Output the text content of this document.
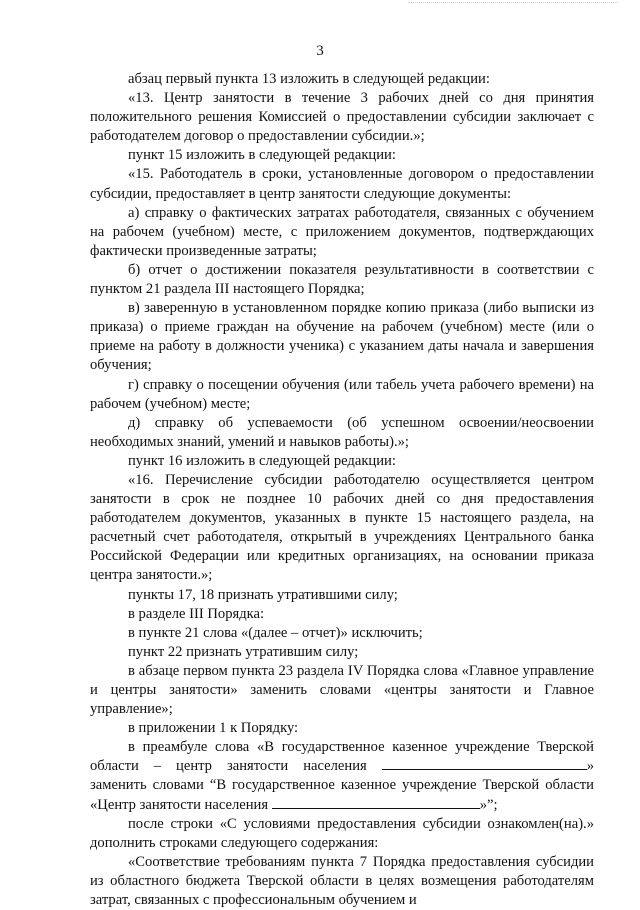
3

абзац первый пункта 13 изложить в следующей редакции:

«13. Центр занятости в течение 3 рабочих дней со дня принятия положительного решения Комиссией о предоставлении субсидии заключает с работодателем договор о предоставлении субсидии.»;

пункт 15 изложить в следующей редакции:

«15. Работодатель в сроки, установленные договором о предоставлении субсидии, предоставляет в центр занятости следующие документы:

а) справку о фактических затратах работодателя, связанных с обучением на рабочем (учебном) месте, с приложением документов, подтверждающих фактически произведенные затраты;

б) отчет о достижении показателя результативности в соответствии с пунктом 21 раздела III настоящего Порядка;

в) заверенную в установленном порядке копию приказа (либо выписки из приказа) о приеме граждан на обучение на рабочем (учебном) месте (или о приеме на работу в должности ученика) с указанием даты начала и завершения обучения;

г) справку о посещении обучения (или табель учета рабочего времени) на рабочем (учебном) месте;

д) справку об успеваемости (об успешном освоении/неосвоении необходимых знаний, умений и навыков работы).»;

пункт 16 изложить в следующей редакции:

«16. Перечисление субсидии работодателю осуществляется центром занятости в срок не позднее 10 рабочих дней со дня предоставления работодателем документов, указанных в пункте 15 настоящего раздела, на расчетный счет работодателя, открытый в учреждениях Центрального банка Российской Федерации или кредитных организациях, на основании приказа центра занятости.»;

пункты 17, 18 признать утратившими силу;

в разделе III Порядка:

в пункте 21 слова «(далее – отчет)» исключить;

пункт 22 признать утратившим силу;

в абзаце первом пункта 23 раздела IV Порядка слова «Главное управление и центры занятости» заменить словами «центры занятости и Главное управление»;

в приложении 1 к Порядку:

в преамбуле слова «В государственное казенное учреждение Тверской области – центр занятости населения	» заменить словами “В государственное казенное учреждение Тверской области «Центр занятости населения	»”;

после строки «С условиями предоставления субсидии ознакомлен(на).» дополнить строками следующего содержания:

«Соответствие требованиям пункта 7 Порядка предоставления субсидии из областного бюджета Тверской области в целях возмещения работодателям затрат, связанных с профессиональным обучением и
